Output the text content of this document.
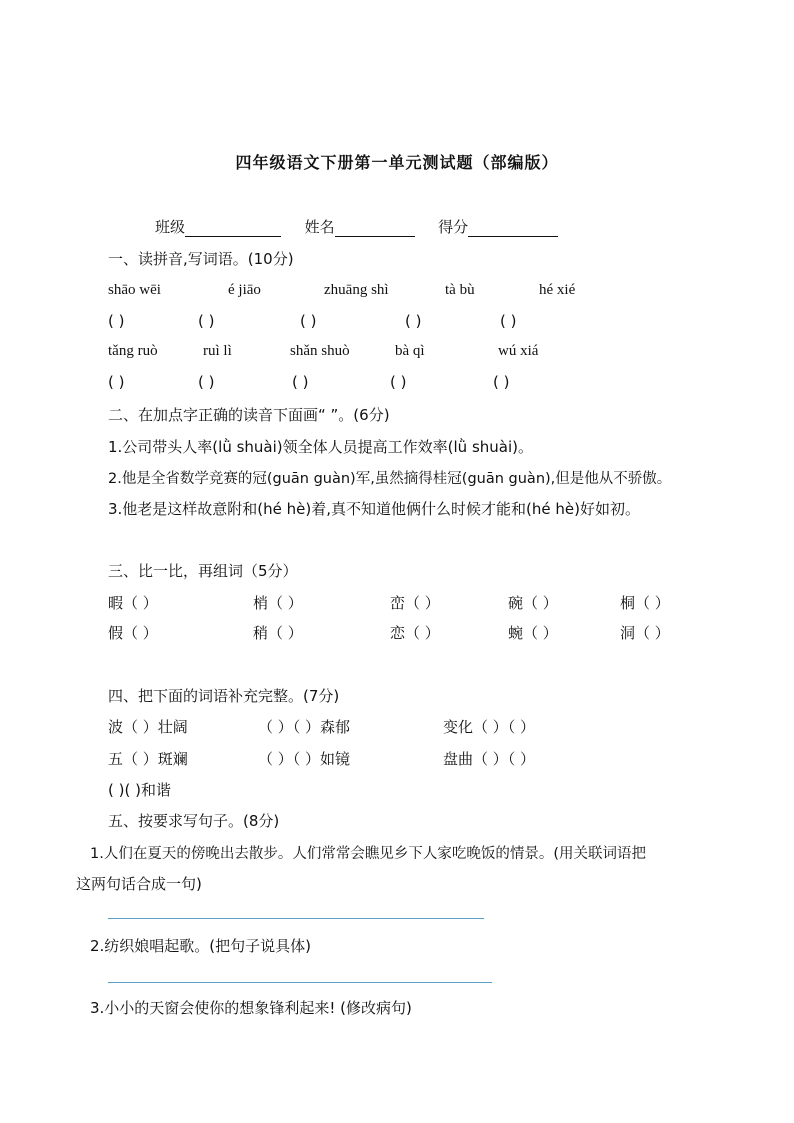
四年级语文下册第一单元测试题（部编版）
班级	姓名	得分
一、读拼音,写词语。(10分)
shāo wēi	é jiāo	zhuāng shì	tà bù	hé xié
( )	( )	( )	( )	( )
tǎng ruò	ruì lì	shǎn shuò	bà qì	wú xiá
( )	( )	( )	( )	( )
二、在加点字正确的读音下面画“ ”。(6分)
1.公司带头人率(lǜ shuài)领全体人员提高工作效率(lǜ shuài)。
2.他是全省数学竞赛的冠(guān guàn)军,虽然摘得桂冠(guān guàn),但是他从不骄傲。
3.他老是这样故意附和(hé hè)着,真不知道他俩什么时候才能和(hé hè)好如初。
三、比一比，再组词（5分）
暇（ ）	梢（ ）	峦（ ）	碗（ ）	桐（ ）
假（ ）	稍（ ）	恋（ ）	蜿（ ）	洞（ ）
四、把下面的词语补充完整。(7分)
波（ ）壮阔	（ ）（ ）森郁	变化（ ）（ ）
五（ ）斑斓	（ ）（ ）如镜	盘曲（ ）（ ）
( )( )和谐
五、按要求写句子。(8分)
1.人们在夏天的傍晚出去散步。人们常常会瞧见乡下人家吃晚饭的情景。(用关联词语把
这两句话合成一句)
2.纺织娘唱起歌。(把句子说具体)
3.小小的天窗会使你的想象锋利起来! (修改病句)
